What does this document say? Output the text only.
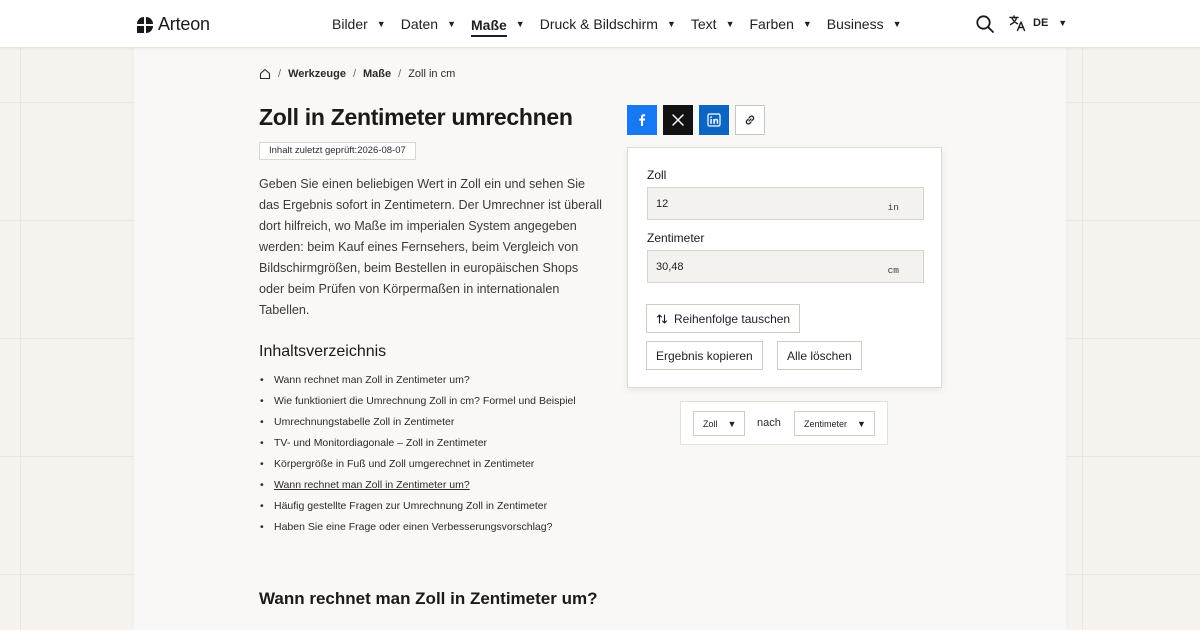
Arteon	Bilder ▼ Daten ▼ Maße ▼ Druck & Bildschirm ▼ Text ▼ Farben ▼ Business ▼	DE ▼
/ Werkzeuge / Maße / Zoll in cm
Zoll in Zentimeter umrechnen
Inhalt zuletzt geprüft:2026-08-07

Geben Sie einen beliebigen Wert in Zoll ein und sehen Sie das Ergebnis sofort in Zentimetern. Der Umrechner ist überall dort hilfreich, wo Maße im imperialen System angegeben werden: beim Kauf eines Fernsehers, beim Vergleich von Bildschirmgrößen, beim Bestellen in europäischen Shops oder beim Prüfen von Körpermaßen in internationalen Tabellen.

Inhaltsverzeichnis
• Wann rechnet man Zoll in Zentimeter um?
• Wie funktioniert die Umrechnung Zoll in cm? Formel und Beispiel
• Umrechnungstabelle Zoll in Zentimeter
• TV- und Monitordiagonale – Zoll in Zentimeter
• Körpergröße in Fuß und Zoll umgerechnet in Zentimeter
• Wann rechnet man Zoll in Zentimeter um?
• Häufig gestellte Fragen zur Umrechnung Zoll in Zentimeter
• Haben Sie eine Frage oder einen Verbesserungsvorschlag?
Wann rechnet man Zoll in Zentimeter um?
Zoll
12
in
Zentimeter
30,48
cm
Reihenfolge tauschen
Ergebnis kopieren	Alle löschen
Zoll ▼ nach	Zentimeter ▼
